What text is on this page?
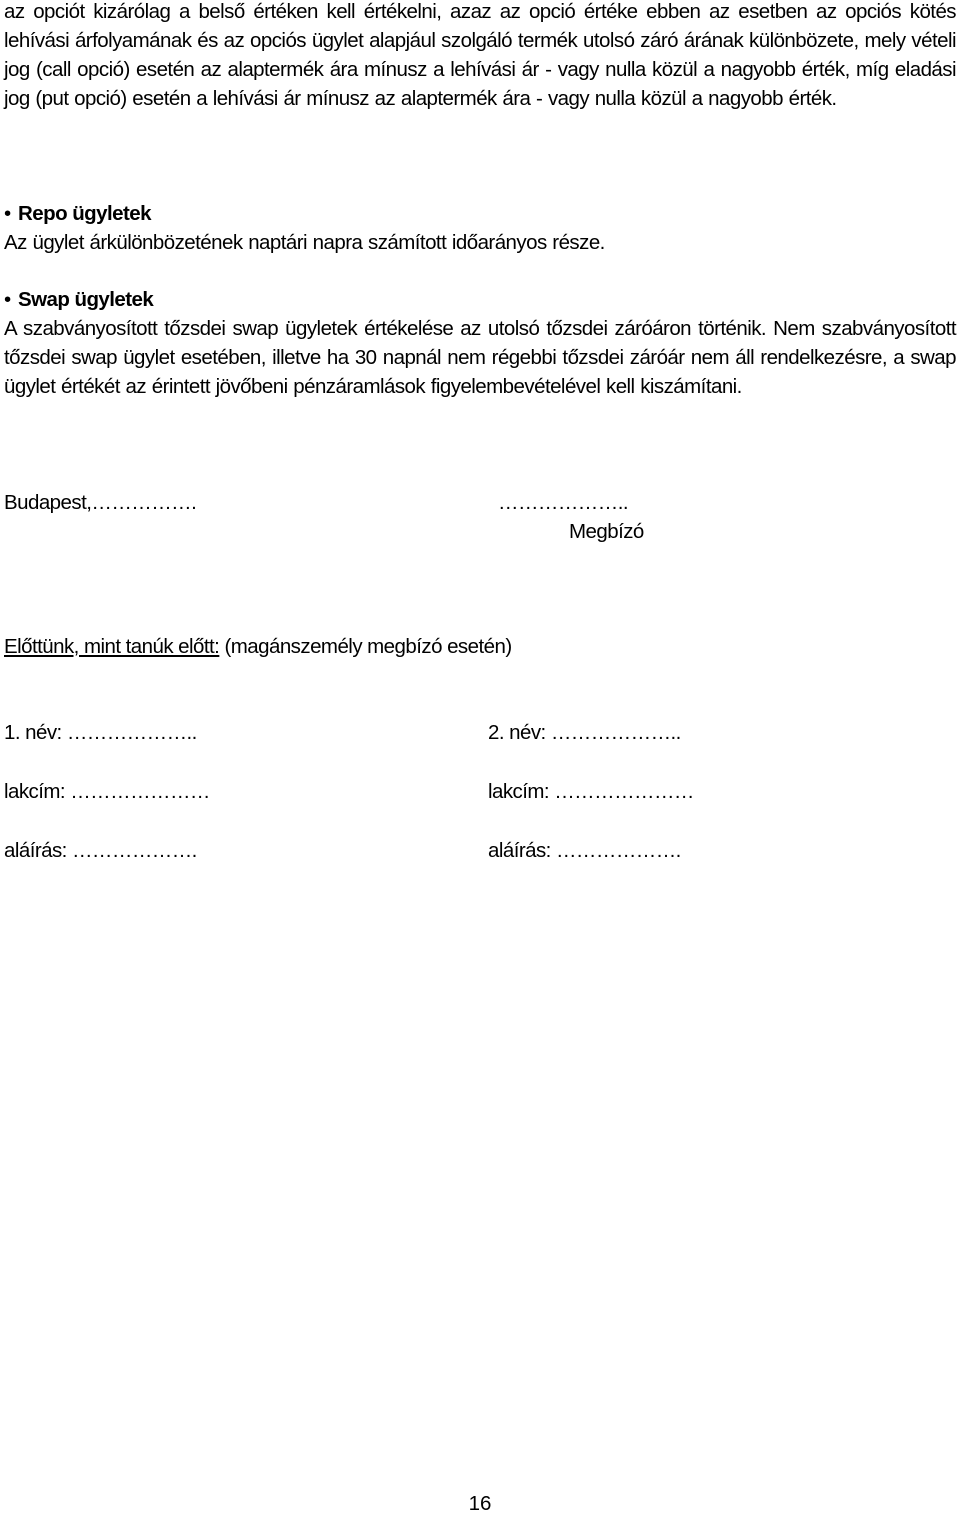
az opciót kizárólag a belső értéken kell értékelni, azaz az opció értéke ebben az esetben az opciós kötés lehívási árfolyamának és az opciós ügylet alapjául szolgáló termék utolsó záró árának különbözete, mely vételi jog (call opció) esetén az alaptermék ára mínusz a lehívási ár - vagy nulla közül a nagyobb érték, míg eladási jog (put opció) esetén a lehívási ár mínusz az alaptermék ára - vagy nulla közül a nagyobb érték.

• Repo ügyletek

Az ügylet árkülönbözetének naptári napra számított időarányos része.

• Swap ügyletek

A szabványosított tőzsdei swap ügyletek értékelése az utolsó tőzsdei záróáron történik. Nem szabványosított tőzsdei swap ügylet esetében, illetve ha 30 napnál nem régebbi tőzsdei záróár nem áll rendelkezésre, a swap ügylet értékét az érintett jövőbeni pénzáramlások figyelembevételével kell kiszámítani.

Budapest,…………….	………………..
Megbízó
Előttünk, mint tanúk előtt: (magánszemély megbízó esetén)
1. név: ………………..
lakcím: …………………
aláírás: ……………….
2. név: ………………..
lakcím: …………………
aláírás: ……………….
16
